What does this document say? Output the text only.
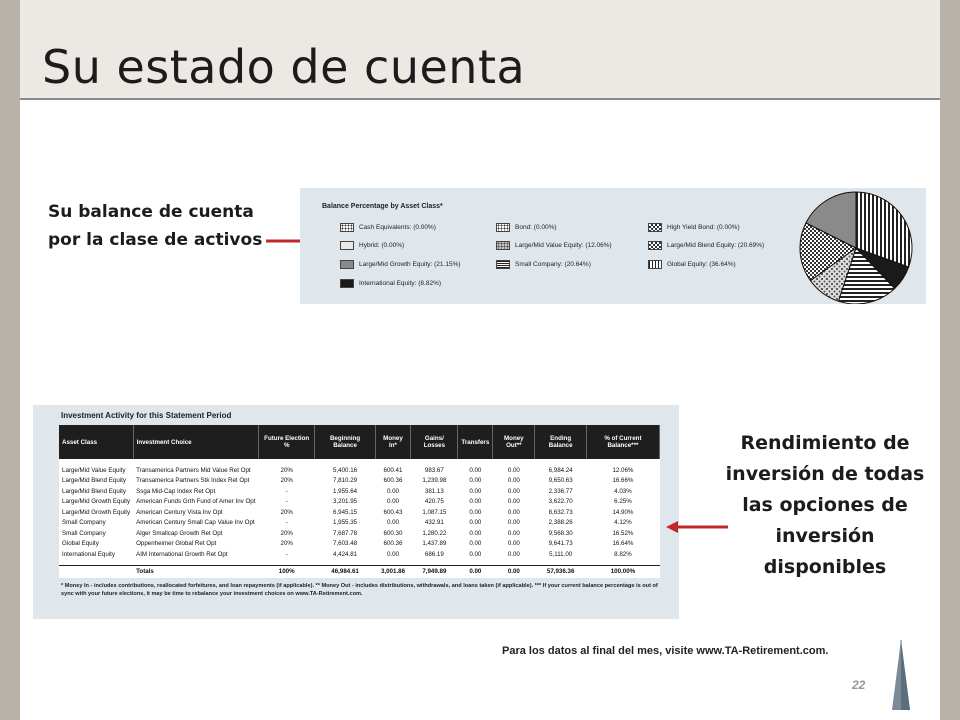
Su estado de cuenta
Su balance de cuenta
por la clase de activos
Balance Percentage by Asset Class*
Cash Equivalents: (0.00%)	Bond: (0.00%)	High Yield Bond: (0.00%)
Hybrid: (0.00%)	Large/Mid Value Equity: (12.06%)	Large/Mid Blend Equity: (20.69%)
Large/Mid Growth Equity: (21.15%)	Small Company: (20.64%)	Global Equity: (36.64%)
International Equity: (8.82%)
Investment Activity for this Statement Period
Asset Class	Investment Choice	Future Election %	Beginning Balance	Money In*	Gains/ Losses	Transfers	Money Out**	Ending Balance	% of Current Balance***

Large/Mid Value Equity	Transamerica Partners Mid Value Ret Opt	20%	5,400.16	600.41	983.67	0.00	0.00	6,984.24	12.06%
Large/Mid Blend Equity	Transamerica Partners Stk Index Ret Opt	20%	7,810.29	600.36	1,239.98	0.00	0.00	9,650.63	16.66%
Large/Mid Blend Equity	Ssga Mid-Cap Index Ret Opt	-	1,955.64	0.00	381.13	0.00	0.00	2,336.77	4.03%
Large/Mid Growth Equity	American Funds Grth Fund of Amer Inv Opt	-	3,201.95	0.00	420.75	0.00	0.00	3,622.70	6.25%
Large/Mid Growth Equity	American Century Vista Inv Opt	20%	6,945.15	600.43	1,087.15	0.00	0.00	8,632.73	14.90%
Small Company	American Century Small Cap Value Inv Opt	-	1,955.35	0.00	432.91	0.00	0.00	2,388.26	4.12%
Small Company	Alger Smallcap Growth Ret Opt	20%	7,687.78	600.30	1,280.22	0.00	0.00	9,568.30	16.52%
Global Equity	Oppenheimer Global Ret Opt	20%	7,603.48	600.36	1,437.89	0.00	0.00	9,641.73	16.64%
International Equity	AIM International Growth Ret Opt	-	4,424.81	0.00	686.19	0.00	0.00	5,111.00	8.82%

	Totals	100%	46,984.61	3,001.86	7,949.89	0.00	0.00	57,936.36	100.00%
* Money In - includes contributions, reallocated forfeitures, and loan repayments (if applicable). ** Money Out - includes distributions, withdrawals, and loans taken (if applicable). *** If your current balance percentage is out of sync with your future elections, it may be time to rebalance your investment choices on www.TA-Retirement.com.
Rendimiento de
inversión de todas
las opciones de
inversión
disponibles
Para los datos al final del mes, visite www.TA-Retirement.com.
22
